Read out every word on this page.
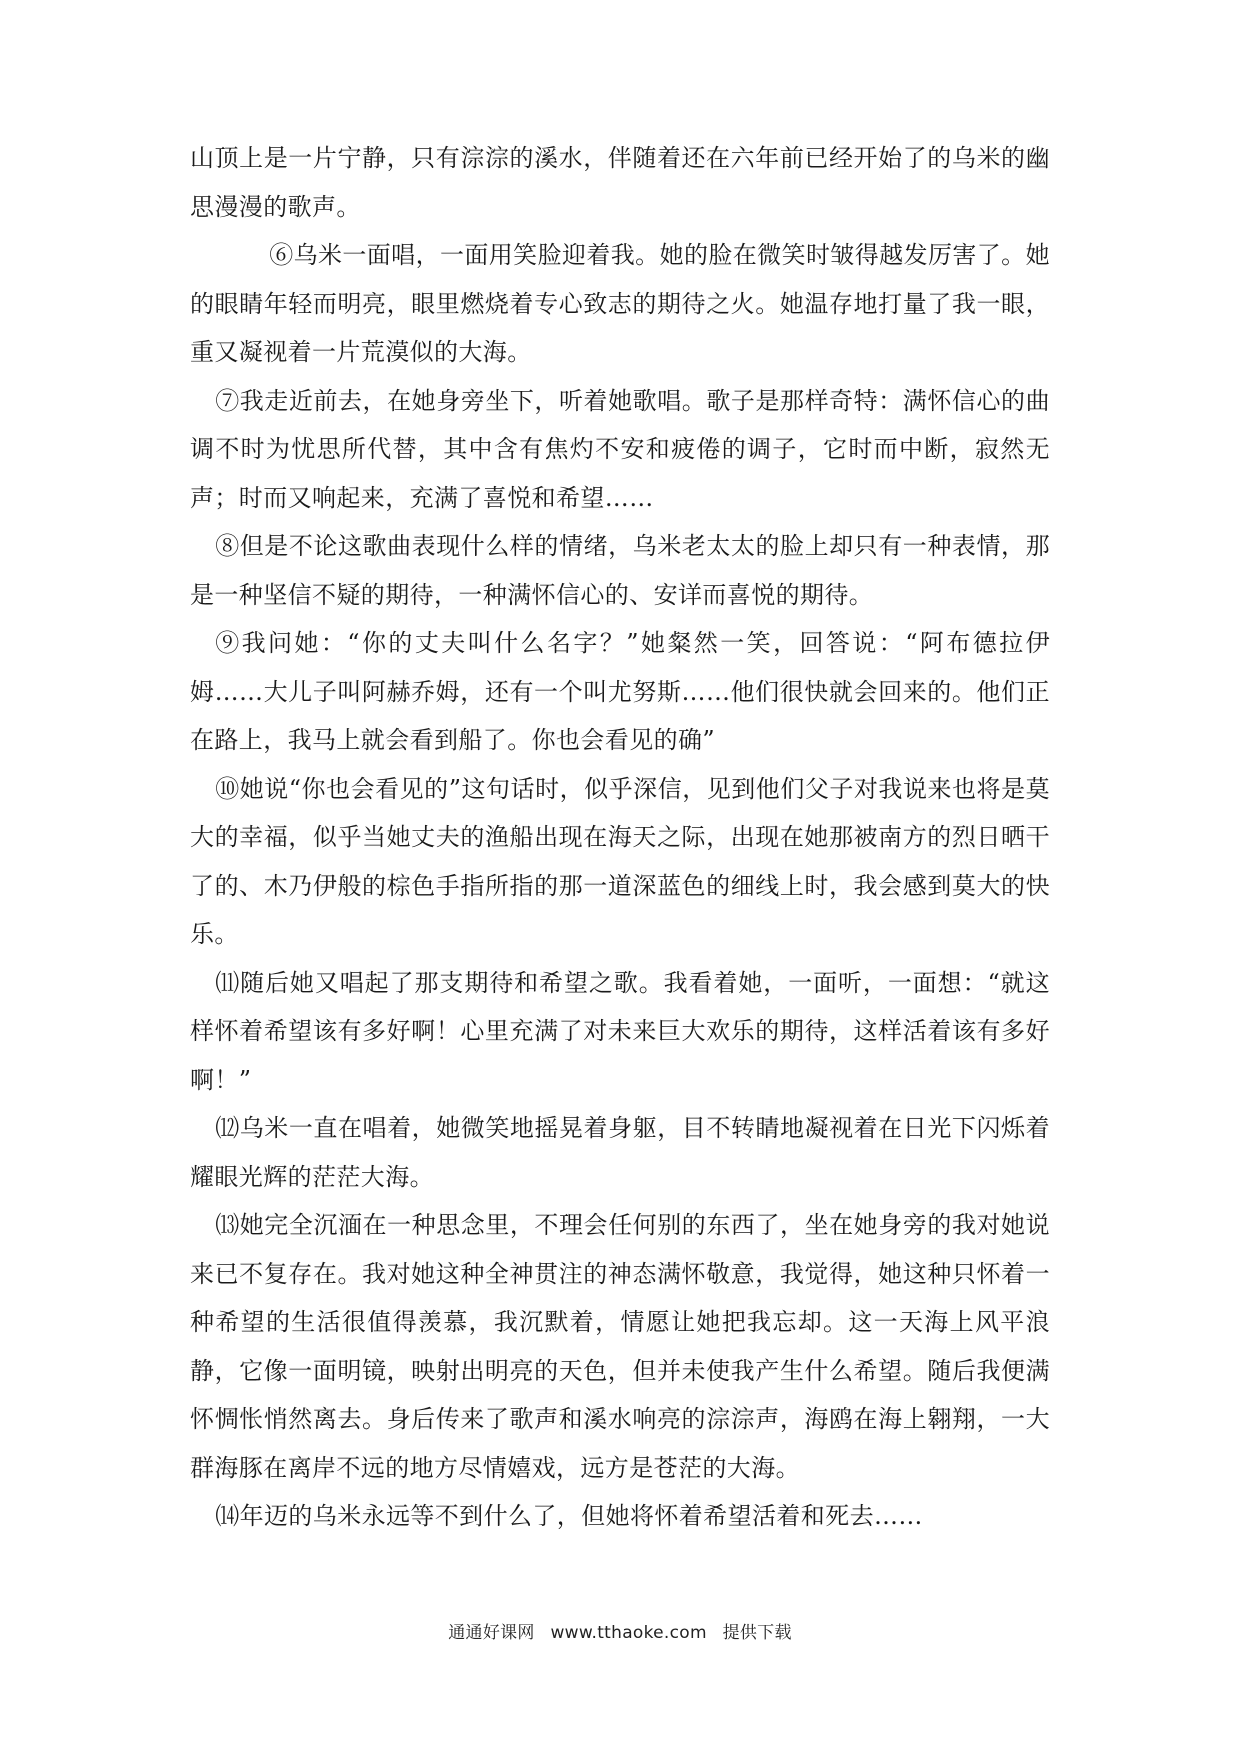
山顶上是一片宁静，只有淙淙的溪水，伴随着还在六年前已经开始了的乌米的幽思漫漫的歌声。

⑥乌米一面唱，一面用笑脸迎着我。她的脸在微笑时皱得越发厉害了。她的眼睛年轻而明亮，眼里燃烧着专心致志的期待之火。她温存地打量了我一眼，重又凝视着一片荒漠似的大海。

⑦我走近前去，在她身旁坐下，听着她歌唱。歌子是那样奇特：满怀信心的曲调不时为忧思所代替，其中含有焦灼不安和疲倦的调子，它时而中断，寂然无声；时而又响起来，充满了喜悦和希望……

⑧但是不论这歌曲表现什么样的情绪，乌米老太太的脸上却只有一种表情，那是一种坚信不疑的期待，一种满怀信心的、安详而喜悦的期待。

⑨我问她：“你的丈夫叫什么名字？”她粲然一笑，回答说：“阿布德拉伊姆……大儿子叫阿赫乔姆，还有一个叫尤努斯……他们很快就会回来的。他们正在路上，我马上就会看到船了。你也会看见的确”

⑩她说“你也会看见的”这句话时，似乎深信，见到他们父子对我说来也将是莫大的幸福，似乎当她丈夫的渔船出现在海天之际，出现在她那被南方的烈日晒干了的、木乃伊般的棕色手指所指的那一道深蓝色的细线上时，我会感到莫大的快乐。

⑾随后她又唱起了那支期待和希望之歌。我看着她，一面听，一面想：“就这样怀着希望该有多好啊！心里充满了对未来巨大欢乐的期待，这样活着该有多好啊！”

⑿乌米一直在唱着，她微笑地摇晃着身躯，目不转睛地凝视着在日光下闪烁着耀眼光辉的茫茫大海。

⒀她完全沉湎在一种思念里，不理会任何别的东西了，坐在她身旁的我对她说来已不复存在。我对她这种全神贯注的神态满怀敬意，我觉得，她这种只怀着一种希望的生活很值得羡慕，我沉默着，情愿让她把我忘却。这一天海上风平浪静，它像一面明镜，映射出明亮的天色，但并未使我产生什么希望。随后我便满怀惆怅悄然离去。身后传来了歌声和溪水响亮的淙淙声，海鸥在海上翱翔，一大群海豚在离岸不远的地方尽情嬉戏，远方是苍茫的大海。

⒁年迈的乌米永远等不到什么了，但她将怀着希望活着和死去……

通通好课网 www.tthaoke.com 提供下载
